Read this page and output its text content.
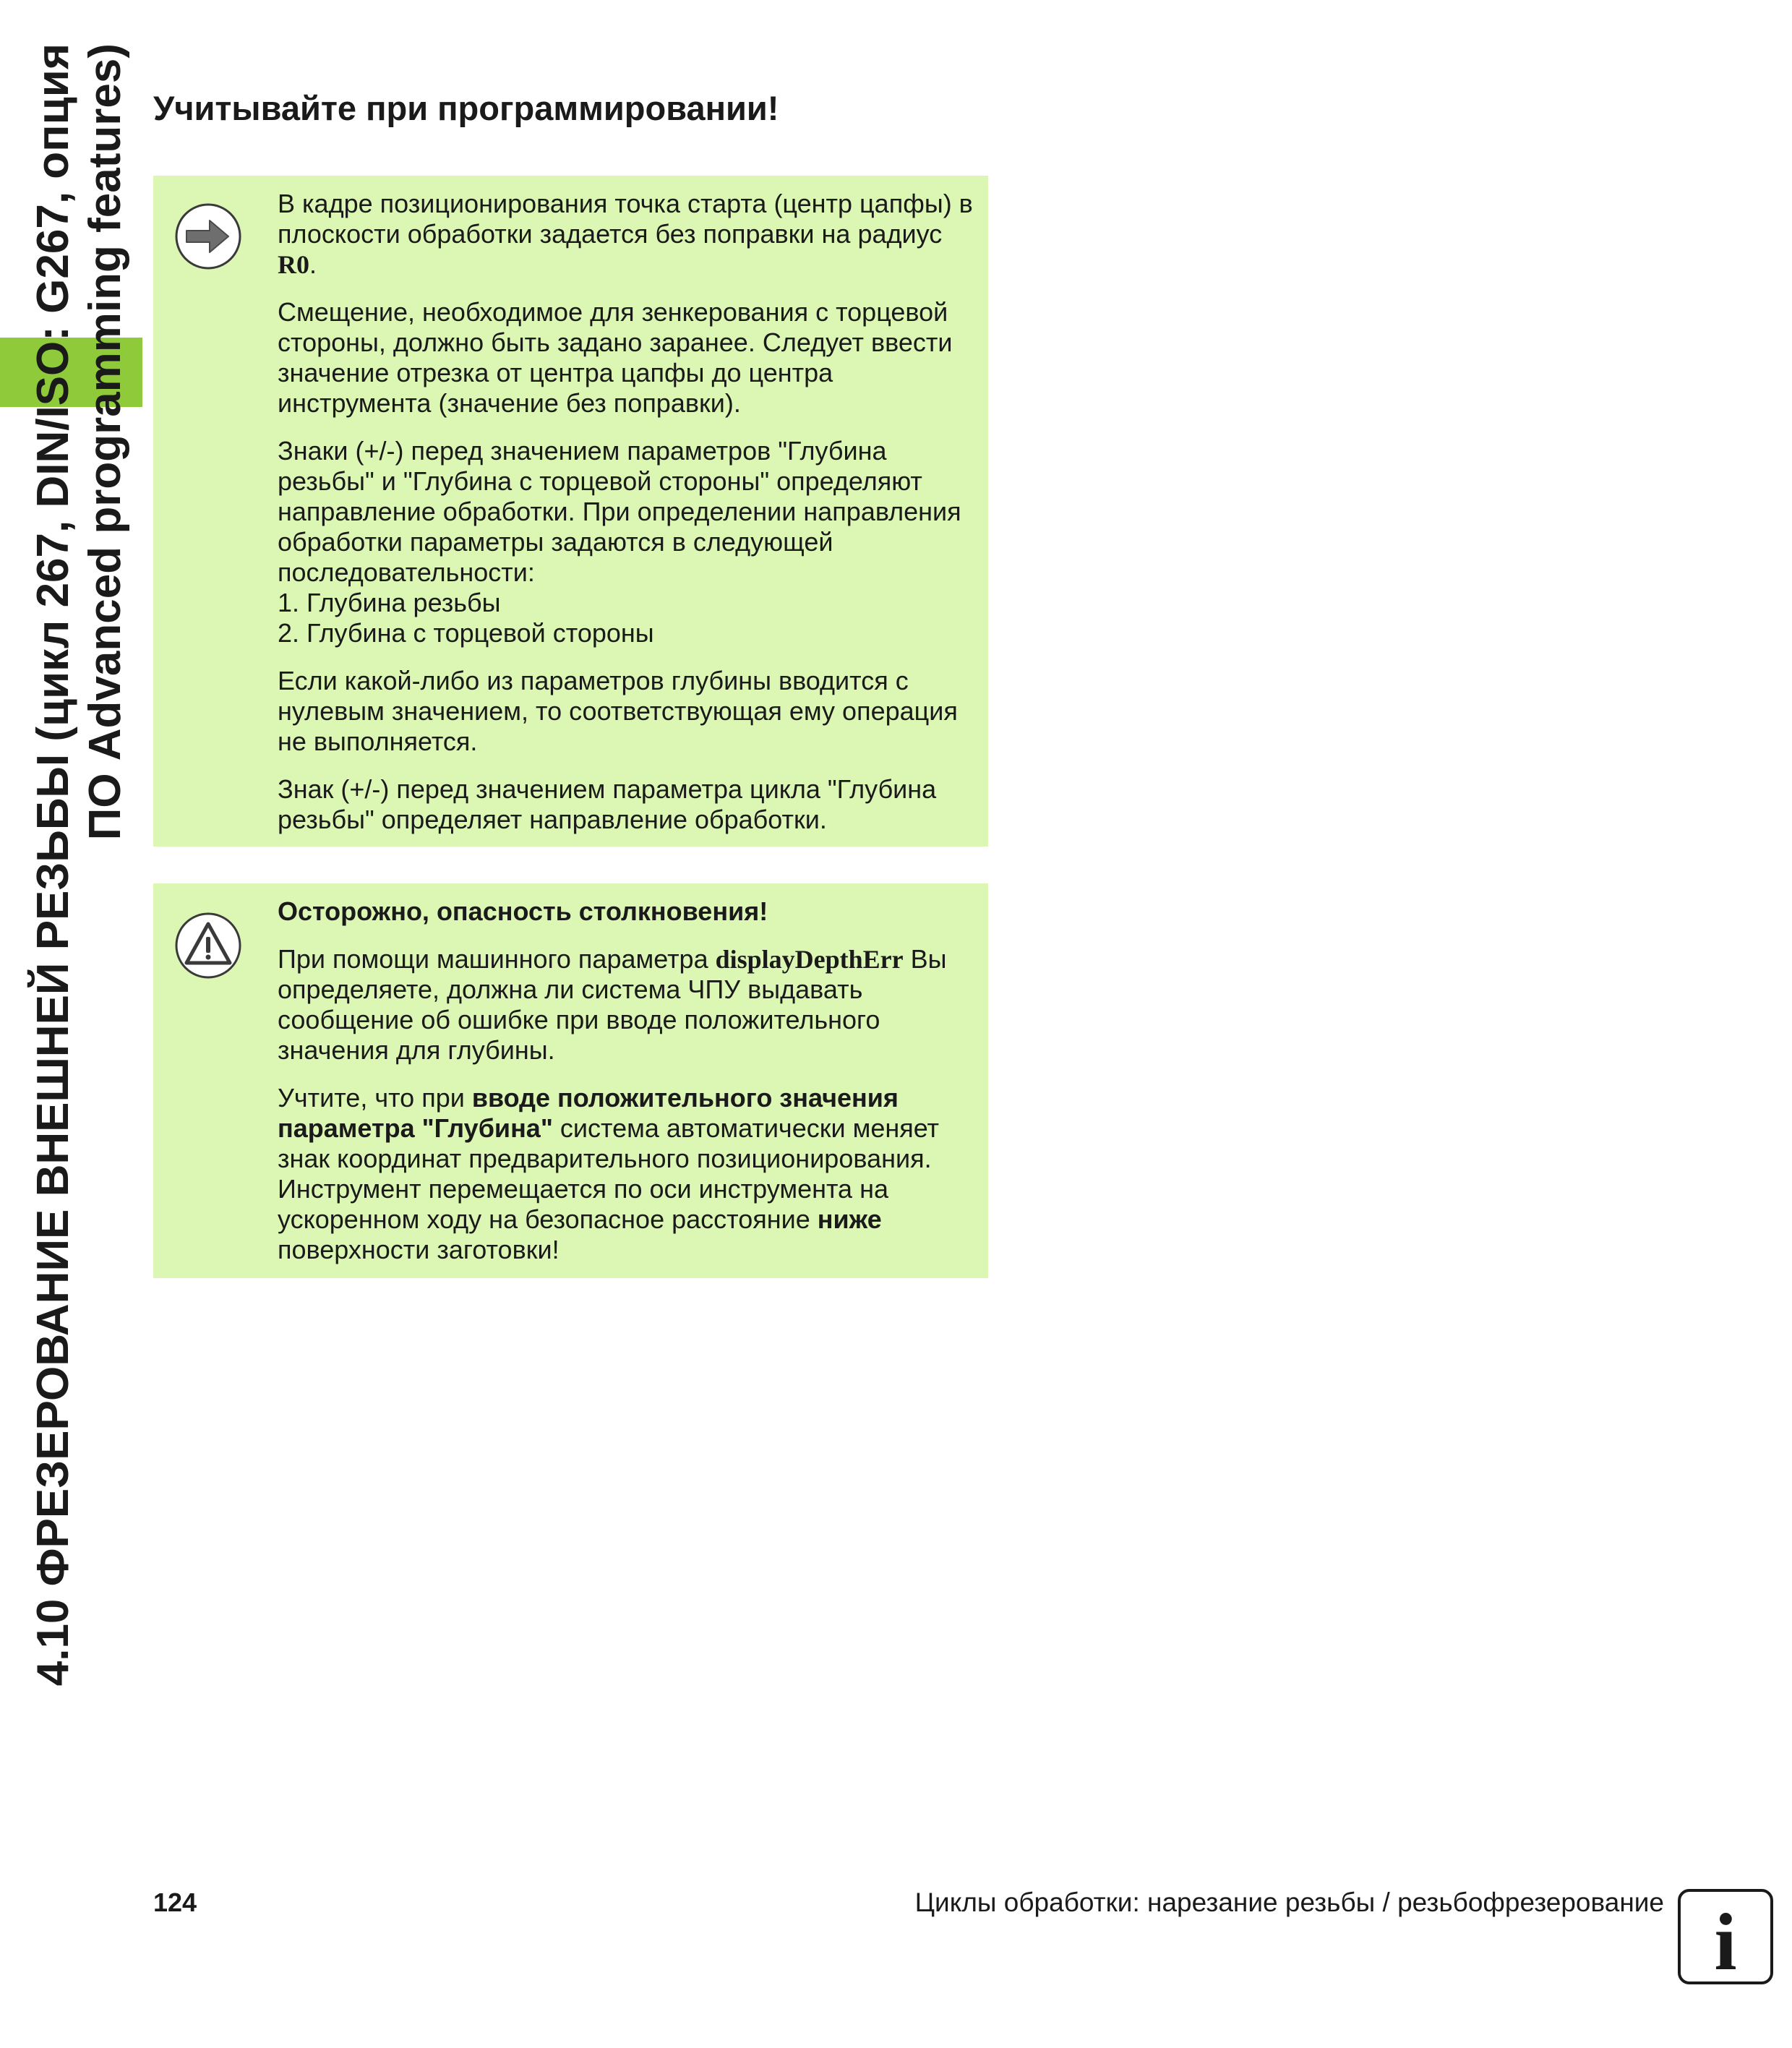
4.10 ФРЕЗЕРОВАНИЕ ВНЕШНЕЙ РЕЗЬБЫ (цикл 267, DIN/ISO: G267, опция ПО Advanced programming features) Учитывайте при программировании!

В кадре позиционирования точка старта (центр цапфы) в плоскости обработки задается без поправки на радиус R0.

Смещение, необходимое для зенкерования с торцевой стороны, должно быть задано заранее. Следует ввести значение отрезка от центра цапфы до центра инструмента (значение без поправки).

Знаки (+/-) перед значением параметров "Глубина резьбы" и "Глубина с торцевой стороны" определяют направление обработки. При определении направления обработки параметры задаются в следующей последовательности:

1. Глубина резьбы

2. Глубина с торцевой стороны

Если какой-либо из параметров глубины вводится с нулевым значением, то соответствующая ему операция не выполняется.

Знак (+/-) перед значением параметра цикла "Глубина резьбы" определяет направление обработки.

Осторожно, опасность столкновения!

При помощи машинного параметра displayDepthErr Вы определяете, должна ли система ЧПУ выдавать сообщение об ошибке при вводе положительного значения для глубины.

Учтите, что при вводе положительного значения параметра "Глубина" система автоматически меняет знак координат предварительного позиционирования. Инструмент перемещается по оси инструмента на ускоренном ходу на безопасное расстояние ниже поверхности заготовки!

124	Циклы обработки: нарезание резьбы / резьбофрезерование i
